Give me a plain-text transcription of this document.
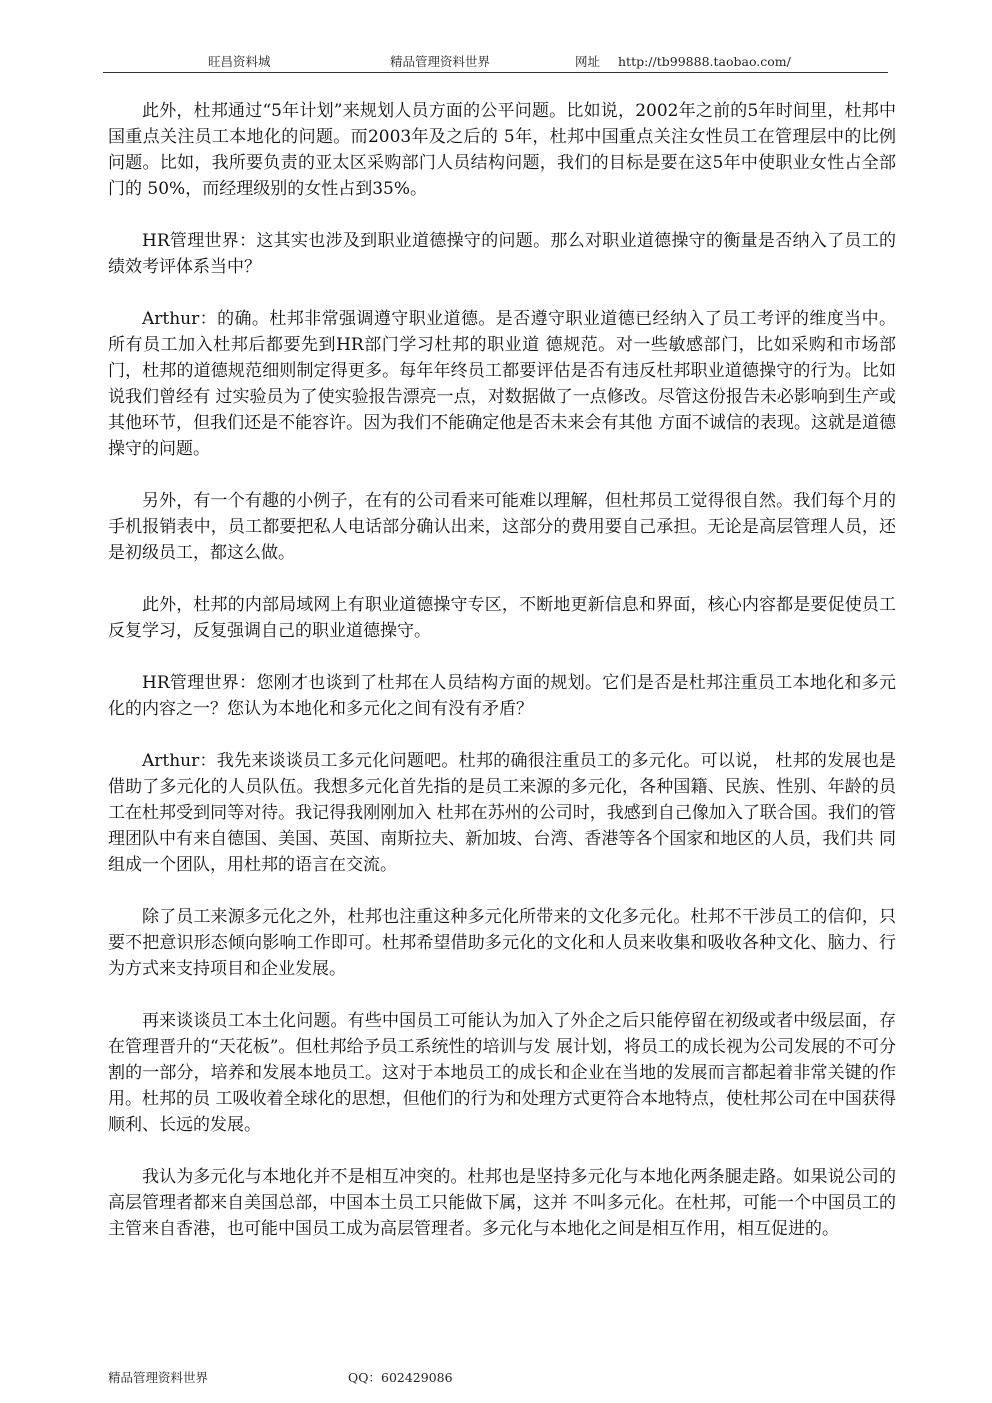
旺昌资料城	精品管理资料世界	网址 http://tb99888.taobao.com/

此外，杜邦通过“5年计划”来规划人员方面的公平问题。比如说，2002年之前的5年时间里，杜邦中国重点关注员工本地化的问题。而2003年及之后的 5年，杜邦中国重点关注女性员工在管理层中的比例问题。比如，我所要负责的亚太区采购部门人员结构问题，我们的目标是要在这5年中使职业女性占全部门的 50%，而经理级别的女性占到35%。

HR管理世界：这其实也涉及到职业道德操守的问题。那么对职业道德操守的衡量是否纳入了员工的绩效考评体系当中？

Arthur：的确。杜邦非常强调遵守职业道德。是否遵守职业道德已经纳入了员工考评的维度当中。所有员工加入杜邦后都要先到HR部门学习杜邦的职业道 德规范。对一些敏感部门，比如采购和市场部门，杜邦的道德规范细则制定得更多。每年年终员工都要评估是否有违反杜邦职业道德操守的行为。比如说我们曾经有 过实验员为了使实验报告漂亮一点，对数据做了一点修改。尽管这份报告未必影响到生产或其他环节，但我们还是不能容许。因为我们不能确定他是否未来会有其他 方面不诚信的表现。这就是道德操守的问题。

另外，有一个有趣的小例子，在有的公司看来可能难以理解，但杜邦员工觉得很自然。我们每个月的手机报销表中，员工都要把私人电话部分确认出来，这部分的费用要自己承担。无论是高层管理人员，还是初级员工，都这么做。

此外，杜邦的内部局域网上有职业道德操守专区，不断地更新信息和界面，核心内容都是要促使员工反复学习，反复强调自己的职业道德操守。

HR管理世界：您刚才也谈到了杜邦在人员结构方面的规划。它们是否是杜邦注重员工本地化和多元化的内容之一？您认为本地化和多元化之间有没有矛盾？

Arthur：我先来谈谈员工多元化问题吧。杜邦的确很注重员工的多元化。可以说， 杜邦的发展也是借助了多元化的人员队伍。我想多元化首先指的是员工来源的多元化，各种国籍、民族、性别、年龄的员工在杜邦受到同等对待。我记得我刚刚加入 杜邦在苏州的公司时，我感到自己像加入了联合国。我们的管理团队中有来自德国、美国、英国、南斯拉夫、新加坡、台湾、香港等各个国家和地区的人员，我们共 同组成一个团队，用杜邦的语言在交流。

除了员工来源多元化之外，杜邦也注重这种多元化所带来的文化多元化。杜邦不干涉员工的信仰，只要不把意识形态倾向影响工作即可。杜邦希望借助多元化的文化和人员来收集和吸收各种文化、脑力、行为方式来支持项目和企业发展。

再来谈谈员工本土化问题。有些中国员工可能认为加入了外企之后只能停留在初级或者中级层面，存在管理晋升的“天花板”。但杜邦给予员工系统性的培训与发 展计划，将员工的成长视为公司发展的不可分割的一部分，培养和发展本地员工。这对于本地员工的成长和企业在当地的发展而言都起着非常关键的作用。杜邦的员 工吸收着全球化的思想，但他们的行为和处理方式更符合本地特点，使杜邦公司在中国获得顺利、长远的发展。

我认为多元化与本地化并不是相互冲突的。杜邦也是坚持多元化与本地化两条腿走路。如果说公司的高层管理者都来自美国总部，中国本土员工只能做下属，这并 不叫多元化。在杜邦，可能一个中国员工的主管来自香港，也可能中国员工成为高层管理者。多元化与本地化之间是相互作用，相互促进的。

精品管理资料世界	QQ：602429086
